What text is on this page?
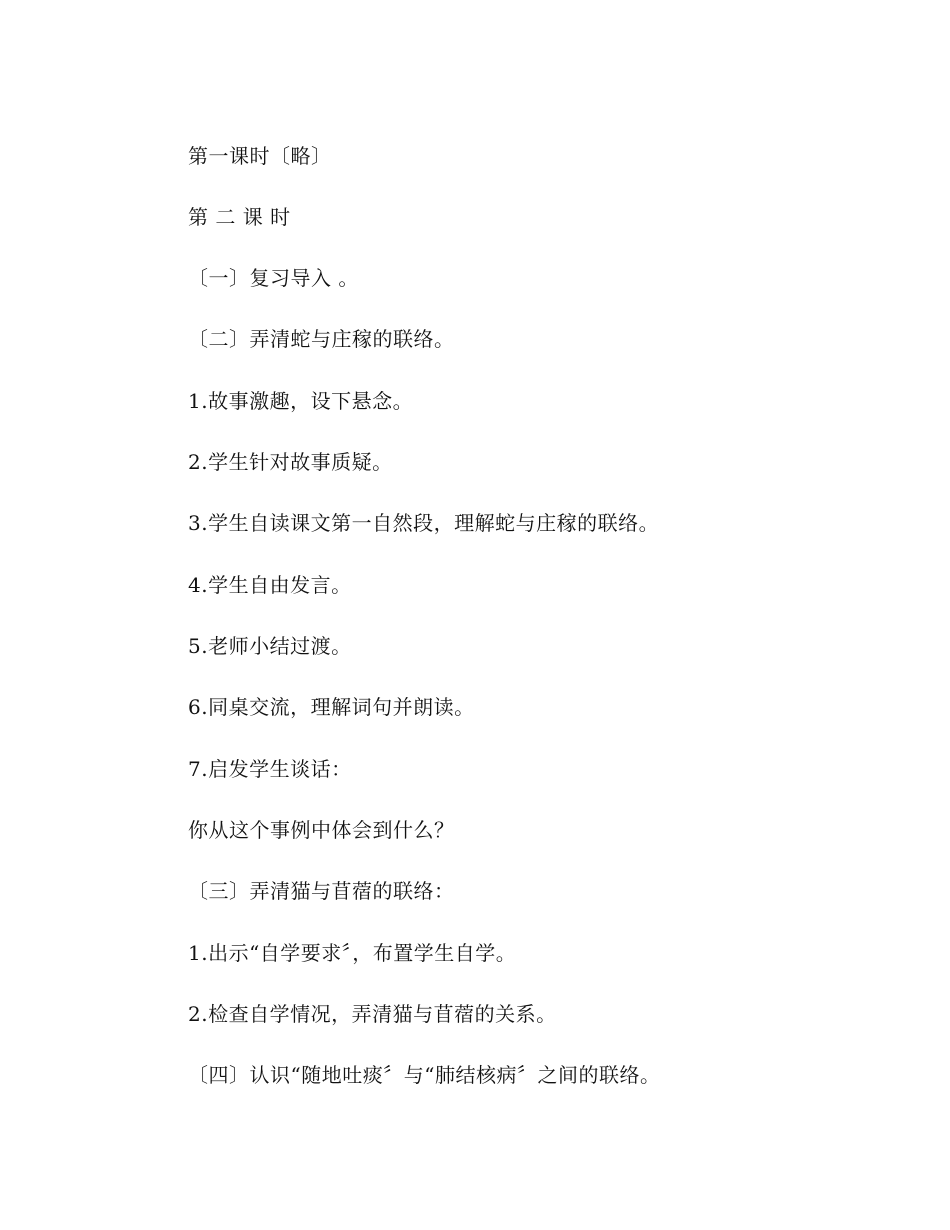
第一课时〔略〕
第 二 课 时
〔一〕复习导入 。
〔二〕弄清蛇与庄稼的联络。
1.故事激趣，设下悬念。
2.学生针对故事质疑。
3.学生自读课文第一自然段，理解蛇与庄稼的联络。
4.学生自由发言。
5.老师小结过渡。
6.同桌交流，理解词句并朗读。
7.启发学生谈话：
你从这个事例中体会到什么？
〔三〕弄清猫与苜蓿的联络：
1.出示“自学要求〞，布置学生自学。
2.检查自学情况，弄清猫与苜蓿的关系。
〔四〕认识“随地吐痰〞与“肺结核病〞之间的联络。
